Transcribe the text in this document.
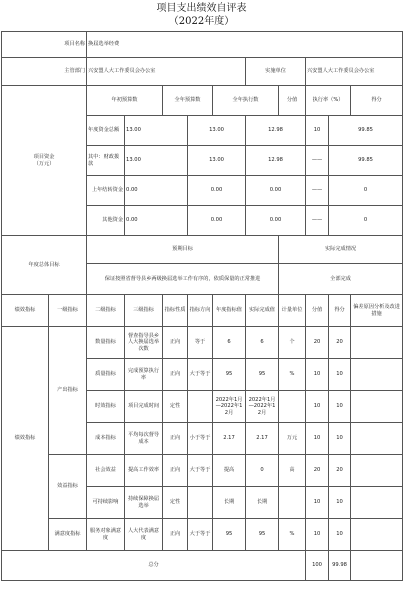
项目支出绩效自评表
（2022年度）
项目名称		换届选举经费										
主管部门		兴安盟人大工作委员会办公室					实施单位		兴安盟人大工作委员会办公室			
项目资金
（万元）		年初预算数		全年预算数		全年执行数		分值	执行率（%）		得分	
		年度资金总额	13.00		13.00		12.98		10	99.85	
		其中：财政拨款	13.00		13.00		12.98		——	99.85	
		上年结转资金	0.00		0.00		0.00		——	0	
		其他资金	0.00		0.00		0.00		——	0	
年度总体目标		预期目标						实际完成情况				
		保证按照省督导县乡两级换届选举工作有序的，依质保量的正常推进						全部完成				
绩效指标	一级指标	二级指标	三级指标	指标性质	指标方向	年度指标值	实际完成值	计量单位	分值	得分	偏差原因分析及改进措施	
绩效指标	产出指标	数量指标	督查指导县乡人大换届选举次数	正向	等于	6	6	个	20	20		
		质量指标	完成预算执行率	正向	大于等于	95	95	%	10	10		
		时效指标	项目完成时间	定性		2022年1月—2022年12月	2022年1月—2022年12月		10	10		
		成本指标	平均每次督导成本	正向	小于等于	2.17	2.17	万元	10	10		
	效益指标	社会效益	提高工作效率	正向	大于等于	提高	0	高	20	20		
		可持续影响	持续保障换届选举	定性		长期	长期		10	10		
	满意度指标	服务对象满意度	人大代表满意度	正向	大于等于	95	95	%	10	10		
总分									100	99.98		
